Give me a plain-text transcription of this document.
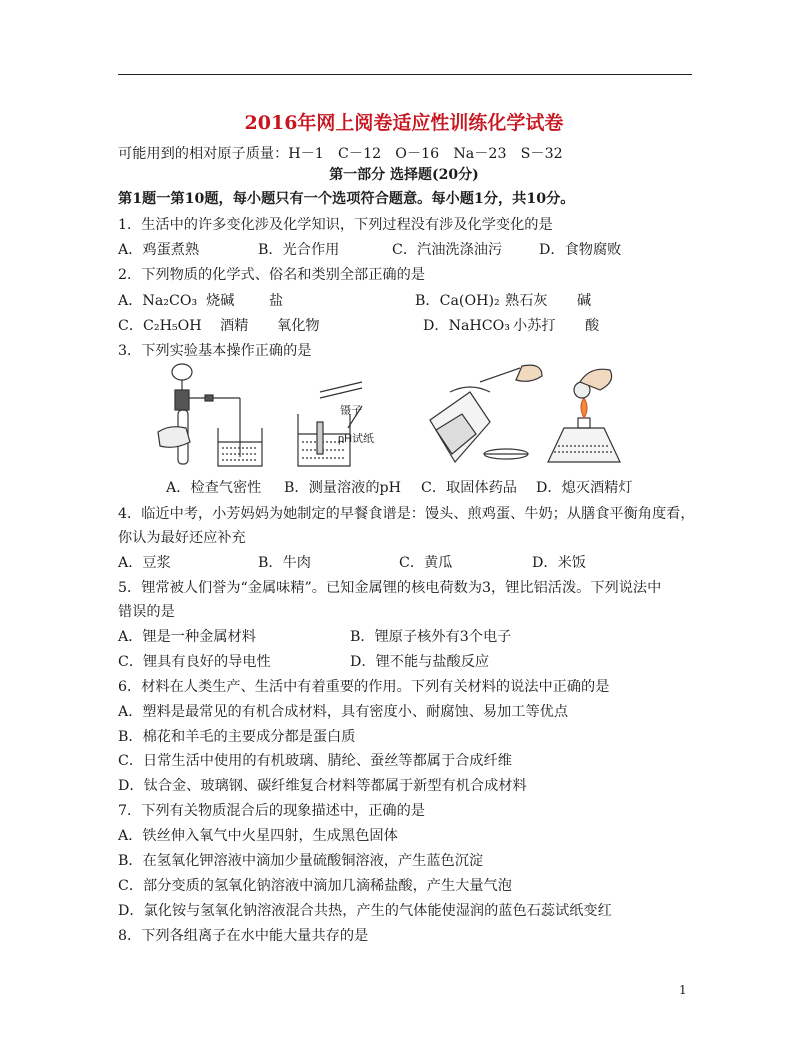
2016年网上阅卷适应性训练化学试卷
可能用到的相对原子质量：H－1　C－12　O－16　Na－23　S－32
第一部分 选择题(20分)
第1题一第10题，每小题只有一个选项符合题意。每小题1分，共10分。
1．生活中的许多变化涉及化学知识，下列过程没有涉及化学变化的是
A．鸡蛋煮熟	B．光合作用	C．汽油洗涤油污	D．食物腐败
2．下列物质的化学式、俗名和类别全部正确的是
A．Na₂CO₃ 烧碱 盐	B．Ca(OH)₂ 熟石灰 碱
C．C₂H₅OH 酒精 氧化物	D．NaHCO₃ 小苏打 酸
3．下列实验基本操作正确的是
镊子
pH试纸
A．检查气密性 B．测量溶液的pH C．取固体药品 D．熄灭酒精灯
4．临近中考，小芳妈妈为她制定的早餐食谱是：馒头、煎鸡蛋、牛奶；从膳食平衡角度看，
你认为最好还应补充
A．豆浆	B．牛肉	C．黄瓜	D．米饭
5．锂常被人们誉为“金属味精”。已知金属锂的核电荷数为3，锂比铝活泼。下列说法中
错误的是
A．锂是一种金属材料	B．锂原子核外有3个电子
C．锂具有良好的导电性	D．锂不能与盐酸反应
6．材料在人类生产、生活中有着重要的作用。下列有关材料的说法中正确的是
A．塑料是最常见的有机合成材料，具有密度小、耐腐蚀、易加工等优点
B．棉花和羊毛的主要成分都是蛋白质
C．日常生活中使用的有机玻璃、腈纶、蚕丝等都属于合成纤维
D．钛合金、玻璃钢、碳纤维复合材料等都属于新型有机合成材料
7．下列有关物质混合后的现象描述中，正确的是
A．铁丝伸入氧气中火星四射，生成黑色固体
B．在氢氧化钾溶液中滴加少量硫酸铜溶液，产生蓝色沉淀
C．部分变质的氢氧化钠溶液中滴加几滴稀盐酸，产生大量气泡
D．氯化铵与氢氧化钠溶液混合共热，产生的气体能使湿润的蓝色石蕊试纸变红
8．下列各组离子在水中能大量共存的是
1
